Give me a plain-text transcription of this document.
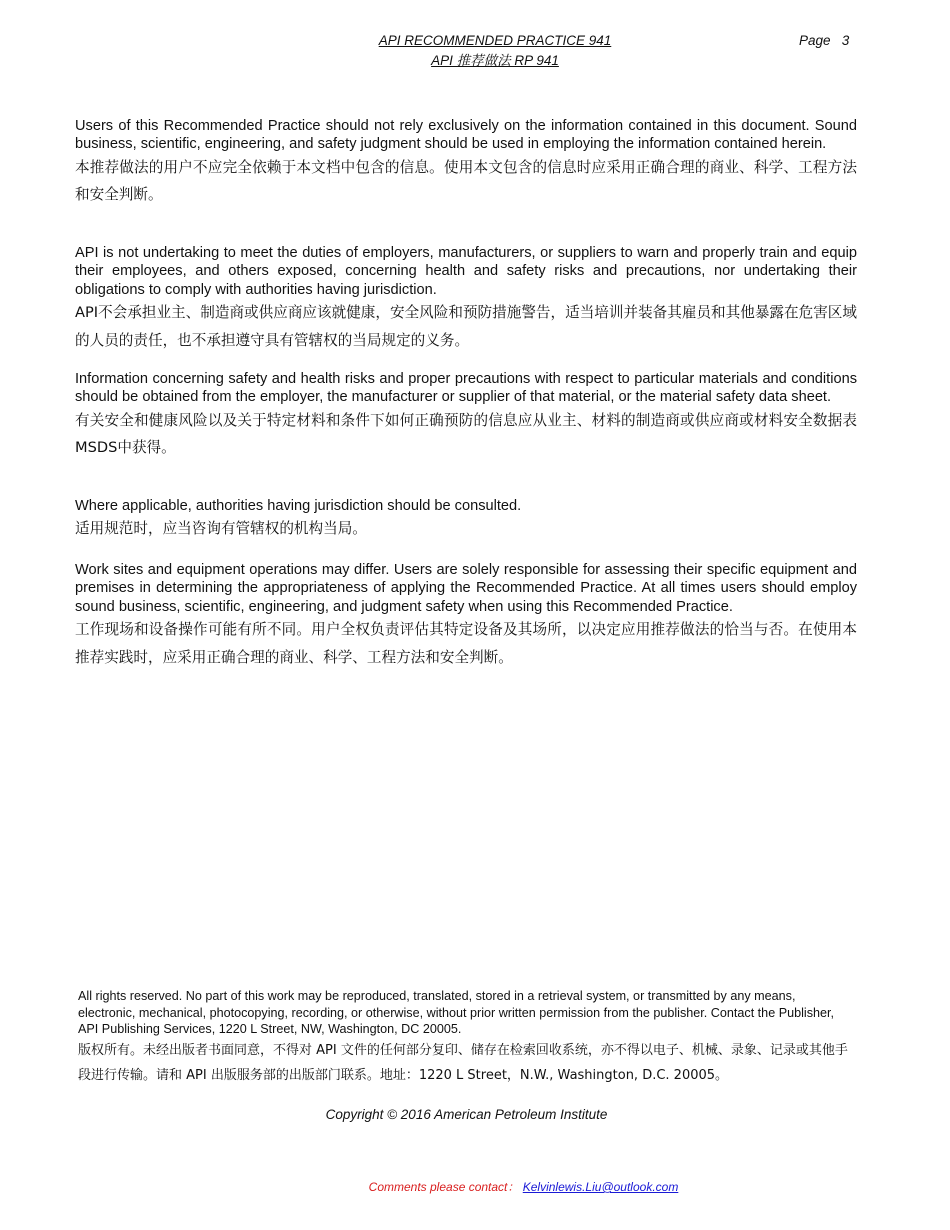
API RECOMMENDED PRACTICE 941
API 推荐做法 RP 941
Page   3

Users of this Recommended Practice should not rely exclusively on the information contained in this document. Sound business, scientific, engineering, and safety judgment should be used in employing the information contained herein.

本推荐做法的用户不应完全依赖于本文档中包含的信息。使用本文包含的信息时应采用正确合理的商业、科学、工程方法和安全判断。

API is not undertaking to meet the duties of employers, manufacturers, or suppliers to warn and properly train and equip their employees, and others exposed, concerning health and safety risks and precautions, nor undertaking their obligations to comply with authorities having jurisdiction.

API不会承担业主、制造商或供应商应该就健康，安全风险和预防措施警告，适当培训并装备其雇员和其他暴露在危害区域的人员的责任，也不承担遵守具有管辖权的当局规定的义务。

Information concerning safety and health risks and proper precautions with respect to particular materials and conditions should be obtained from the employer, the manufacturer or supplier of that material, or the material safety data sheet.

有关安全和健康风险以及关于特定材料和条件下如何正确预防的信息应从业主、材料的制造商或供应商或材料安全数据表MSDS中获得。

Where applicable, authorities having jurisdiction should be consulted.

适用规范时，应当咨询有管辖权的机构当局。

Work sites and equipment operations may differ. Users are solely responsible for assessing their specific equipment and premises in determining the appropriateness of applying the Recommended Practice. At all times users should employ sound business, scientific, engineering, and judgment safety when using this Recommended Practice.

工作现场和设备操作可能有所不同。用户全权负责评估其特定设备及其场所，以决定应用推荐做法的恰当与否。在使用本推荐实践时，应采用正确合理的商业、科学、工程方法和安全判断。

All rights reserved. No part of this work may be reproduced, translated, stored in a retrieval system, or transmitted by any means, electronic, mechanical, photocopying, recording, or otherwise, without prior written permission from the publisher. Contact the Publisher, API Publishing Services, 1220 L Street, NW, Washington, DC 20005.

版权所有。未经出版者书面同意，不得对 API 文件的任何部分复印、储存在检索回收系统，亦不得以电子、机械、录象、记录或其他手段进行传输。请和 API 出版服务部的出版部门联系。地址：1220 L Street，N.W., Washington, D.C. 20005。

Copyright © 2016 American Petroleum Institute
Comments please contact： Kelvinlewis.Liu@outlook.com
